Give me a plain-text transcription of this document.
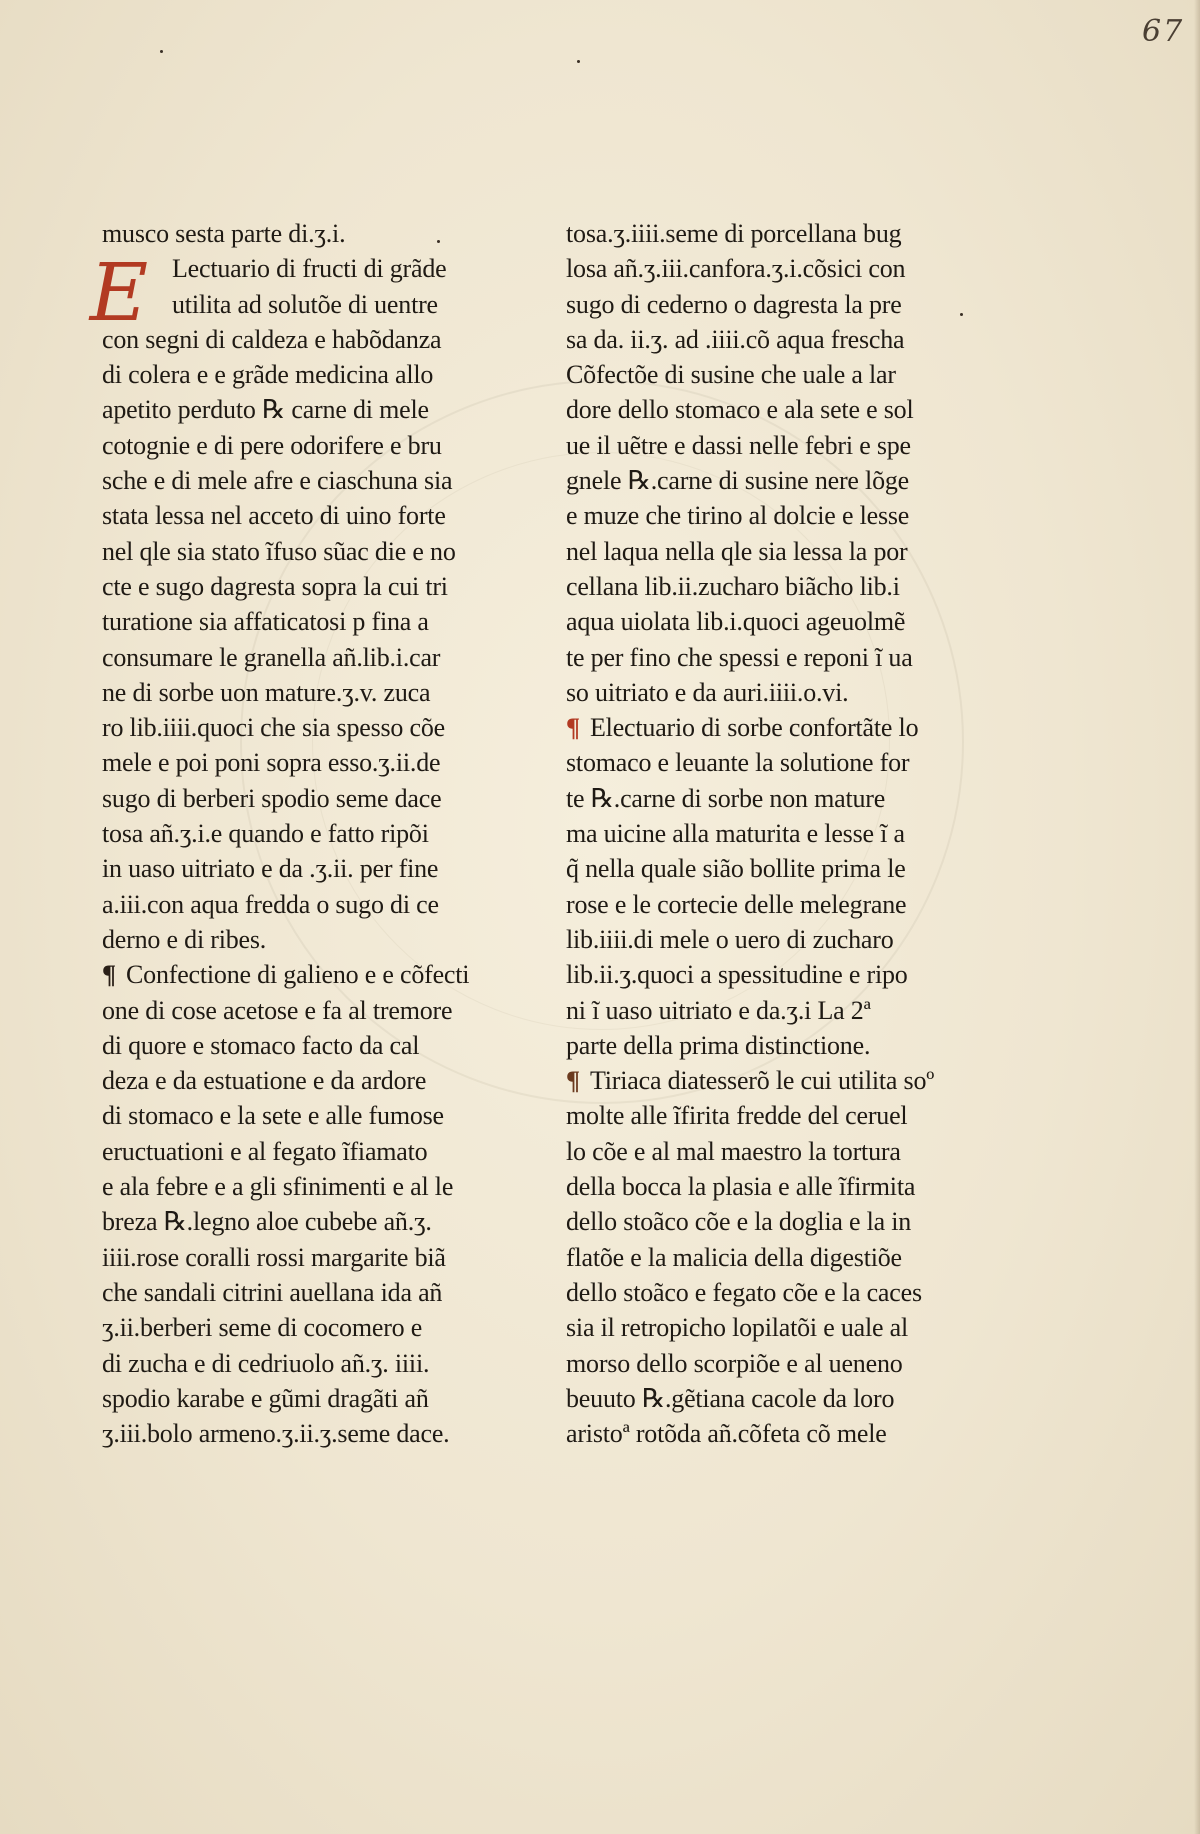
67
E
musco sesta parte di.ʒ.i.
Lectuario di fructi di grãde
utilita ad solutõe di uentre
con segni di caldeza e habõdanza
di colera e e grãde medicina allo
apetito perduto ℞ carne di mele
cotognie e di pere odorifere e bru
sche e di mele afre e ciaschuna sia
stata lessa nel acceto di uino forte
nel qle sia stato ĩfuso sũac die e no
cte e sugo dagresta sopra la cui tri
turatione sia affaticatosi p fina a
consumare le granella añ.lib.i.car
ne di sorbe uon mature.ʒ.v. zuca
ro lib.iiii.quoci che sia spesso cõe
mele e poi poni sopra esso.ʒ.ii.de
sugo di berberi spodio seme dace
tosa añ.ʒ.i.e quando e fatto ripõi
in uaso uitriato e da .ʒ.ii. per fine
a.iii.con aqua fredda o sugo di ce
derno e di ribes.
¶ Confectione di galieno e e cõfecti
one di cose acetose e fa al tremore
di quore e stomaco facto da cal
deza e da estuatione e da ardore
di stomaco e la sete e alle fumose
eructuationi e al fegato ĩfiamato
e ala febre e a gli sfinimenti e al le
breza ℞.legno aloe cubebe añ.ʒ.
iiii.rose coralli rossi margarite biã
che sandali citrini auellana ida añ
ʒ.ii.berberi seme di cocomero e
di zucha e di cedriuolo añ.ʒ. iiii.
spodio karabe e gũmi dragãti añ
ʒ.iii.bolo armeno.ʒ.ii.ʒ.seme dace.
tosa.ʒ.iiii.seme di porcellana bug
losa añ.ʒ.iii.canfora.ʒ.i.cõsici con
sugo di cederno o dagresta la pre
sa da. ii.ʒ. ad .iiii.cõ aqua frescha
Cõfectõe di susine che uale a lar
dore dello stomaco e ala sete e sol
ue il uẽtre e dassi nelle febri e spe
gnele ℞.carne di susine nere lõge
e muze che tirino al dolcie e lesse
nel laqua nella qle sia lessa la por
cellana lib.ii.zucharo biãcho lib.i
aqua uiolata lib.i.quoci ageuolmẽ
te per fino che spessi e reponi ĩ ua
so uitriato e da auri.iiii.o.vi.
¶ Electuario di sorbe confortãte lo
stomaco e leuante la solutione for
te ℞.carne di sorbe non mature
ma uicine alla maturita e lesse ĩ a
q̃ nella quale sião bollite prima le
rose e le cortecie delle melegrane
lib.iiii.di mele o uero di zucharo
lib.ii.ʒ.quoci a spessitudine e ripo
ni ĩ uaso uitriato e da.ʒ.i La 2ª
parte della prima distinctione.
¶ Tiriaca diatesserõ le cui utilita soº
molte alle ĩfirita fredde del ceruel
lo cõe e al mal maestro la tortura
della bocca la plasia e alle ĩfirmita
dello stoãco cõe e la doglia e la in
flatõe e la malicia della digestiõe
dello stoãco e fegato cõe e la caces
sia il retropicho lopilatõi e uale al
morso dello scorpiõe e al ueneno
beuuto ℞.gẽtiana cacole da loro
aristoª rotõda añ.cõfeta cõ mele
